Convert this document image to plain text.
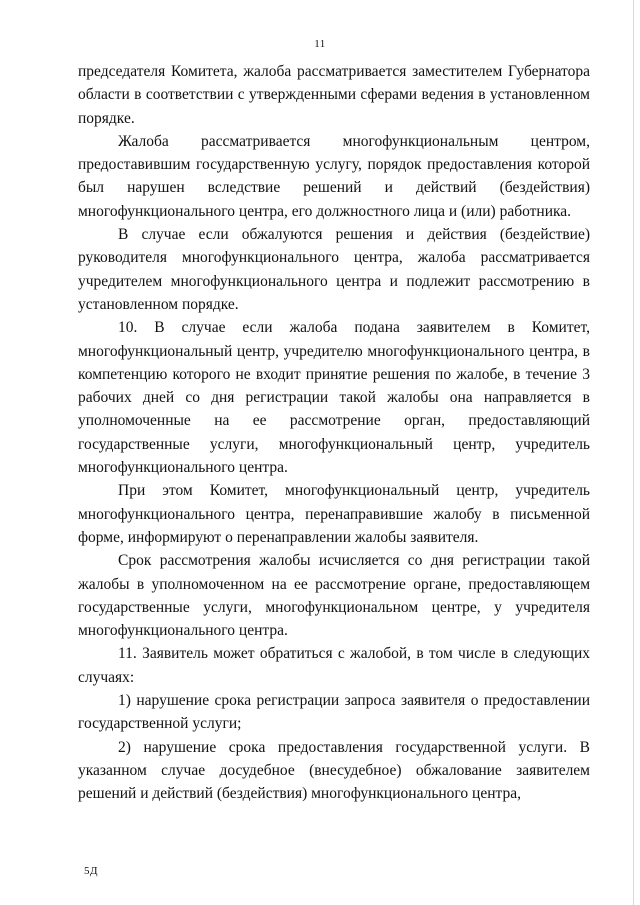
11

председателя Комитета, жалоба рассматривается заместителем Губернатора области в соответствии с утвержденными сферами ведения в установленном порядке.

Жалоба рассматривается многофункциональным центром, предоставившим государственную услугу, порядок предоставления которой был нарушен вследствие решений и действий (бездействия) многофункционального центра, его должностного лица и (или) работника.

В случае если обжалуются решения и действия (бездействие) руководителя многофункционального центра, жалоба рассматривается учредителем многофункционального центра и подлежит рассмотрению в установленном порядке.

10. В случае если жалоба подана заявителем в Комитет, многофункциональный центр, учредителю многофункционального центра, в компетенцию которого не входит принятие решения по жалобе, в течение 3 рабочих дней со дня регистрации такой жалобы она направляется в уполномоченные на ее рассмотрение орган, предоставляющий государственные услуги, многофункциональный центр, учредитель многофункционального центра.

При этом Комитет, многофункциональный центр, учредитель многофункционального центра, перенаправившие жалобу в письменной форме, информируют о перенаправлении жалобы заявителя.

Срок рассмотрения жалобы исчисляется со дня регистрации такой жалобы в уполномоченном на ее рассмотрение органе, предоставляющем государственные услуги, многофункциональном центре, у учредителя многофункционального центра.

11. Заявитель может обратиться с жалобой, в том числе в следующих случаях:

1) нарушение срока регистрации запроса заявителя о предоставлении государственной услуги;

2) нарушение срока предоставления государственной услуги. В указанном случае досудебное (внесудебное) обжалование заявителем решений и действий (бездействия) многофункционального центра,

5Д
